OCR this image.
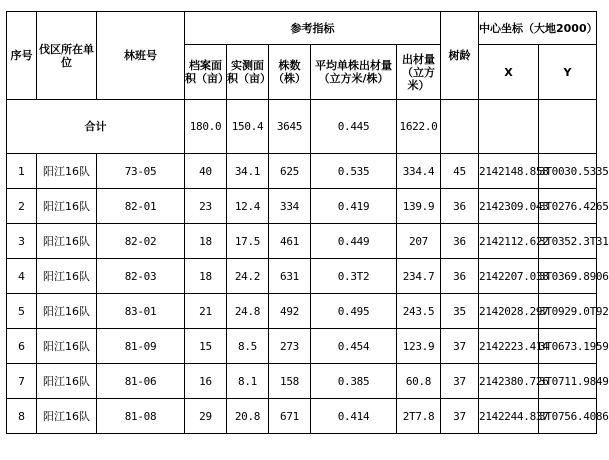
序号	伐区所在单位	林班号	参考指标					树龄	中心坐标（大地2000）	
			档案面积（亩）	实测面积（亩）	株数（株）	平均单株出材量（立方米/株）	出材量（立方米）		X	Y
合计			180.0	150.4	3645	0.445	1622.0			
1	阳江16队	73-05	40	34.1	625	0.535	334.4	45	2142148.858	3T0030.5335
2	阳江16队	82-01	23	12.4	334	0.419	139.9	36	2142309.043	3T0276.4265
3	阳江16队	82-02	18	17.5	461	0.449	207	36	2142112.622	3T0352.3T31
4	阳江16队	82-03	18	24.2	631	0.3T2	234.7	36	2142207.038	3T0369.8906
5	阳江16队	83-01	21	24.8	492	0.495	243.5	35	2142028.297	3T0929.0T92
6	阳江16队	81-09	15	8.5	273	0.454	123.9	37	2142223.414	3T0673.1959
7	阳江16队	81-06	16	8.1	158	0.385	60.8	37	2142380.726	3T0711.9849
8	阳江16队	81-08	29	20.8	671	0.414	2T7.8	37	2142244.837	3T0756.4086
